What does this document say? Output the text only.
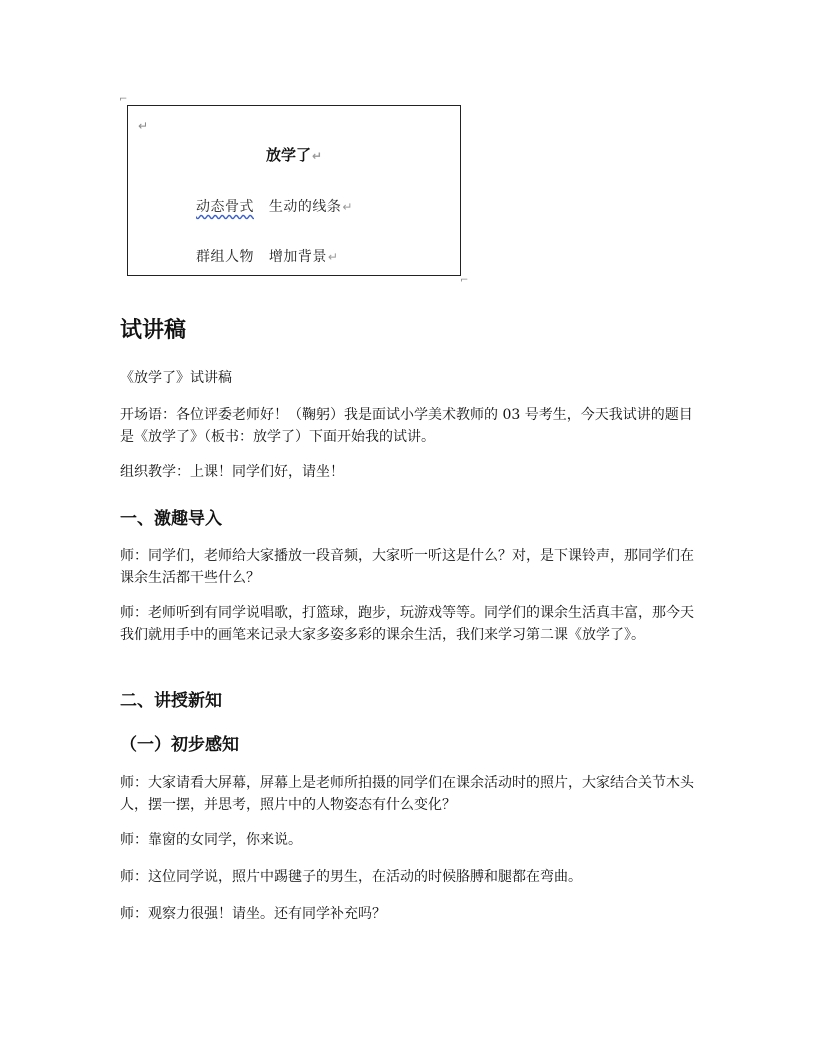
⌐
↵
放学了↵
动态骨式 生动的线条↵
群组人物 增加背景↵
⌐
试讲稿
《放学了》试讲稿
开场语：各位评委老师好！（鞠躬）我是面试小学美术教师的 03 号考生，今天我试讲的题目是《放学了》（板书：放学了）下面开始我的试讲。
组织教学：上课！同学们好，请坐！
一、激趣导入
师：同学们，老师给大家播放一段音频，大家听一听这是什么？对，是下课铃声，那同学们在课余生活都干些什么？
师：老师听到有同学说唱歌，打篮球，跑步，玩游戏等等。同学们的课余生活真丰富，那今天我们就用手中的画笔来记录大家多姿多彩的课余生活，我们来学习第二课《放学了》。
二、讲授新知
（一）初步感知
师：大家请看大屏幕，屏幕上是老师所拍摄的同学们在课余活动时的照片，大家结合关节木头人，摆一摆，并思考，照片中的人物姿态有什么变化？
师：靠窗的女同学，你来说。
师：这位同学说，照片中踢毽子的男生，在活动的时候胳膊和腿都在弯曲。
师：观察力很强！请坐。还有同学补充吗？
